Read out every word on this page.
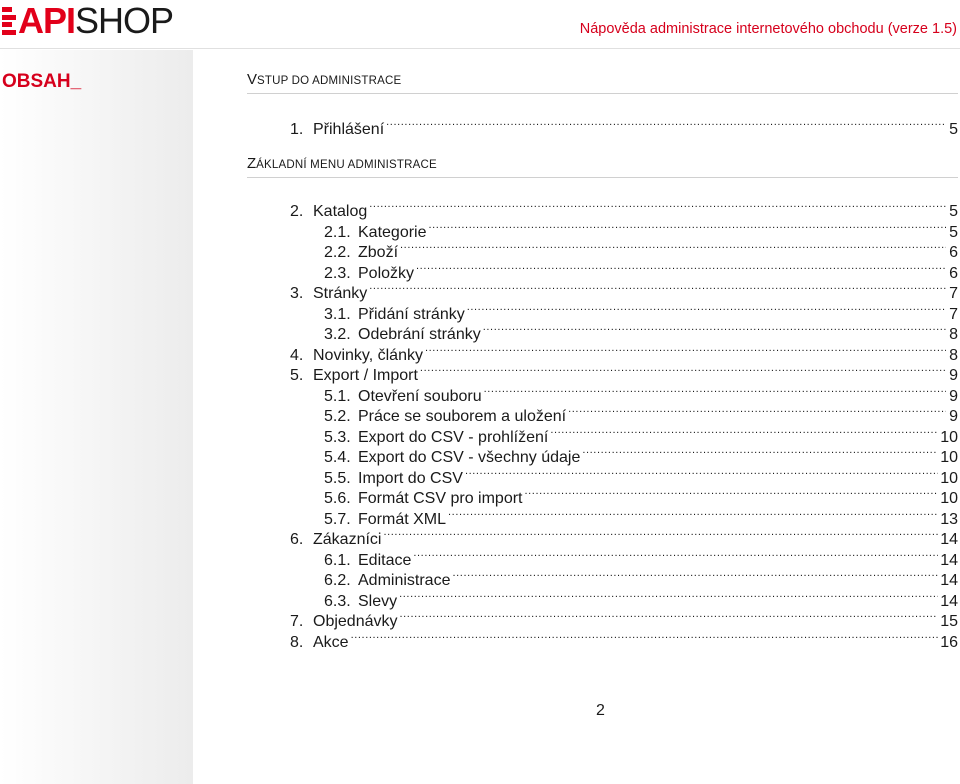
API SHOP	Nápověda administrace internetového obchodu (verze 1.5)
OBSAH_	VSTUP DO ADMINISTRACE
ZÁKLADNÍ MENU ADMINISTRACE
1. Přihlášení .....	5
2. Katalog .....	5
2.1. Kategorie .....	5
2.2. Zboží .....	6
2.3. Položky .....	6
3. Stránky .....	7
3.1. Přidání stránky .....	7
3.2. Odebrání stránky .....	8
4. Novinky, články .....	8
5. Export / Import .....	9
5.1. Otevření souboru .....	9
5.2. Práce se souborem a uložení .....	9
5.3. Export do CSV - prohlížení .....	10
5.4. Export do CSV - všechny údaje .....	10
5.5. Import do CSV .....	10
5.6. Formát CSV pro import .....	10
5.7. Formát XML .....	13
6. Zákazníci .....	14
6.1. Editace .....	14
6.2. Administrace .....	14
6.3. Slevy .....	14
7. Objednávky .....	15
8. Akce .....	16
2
